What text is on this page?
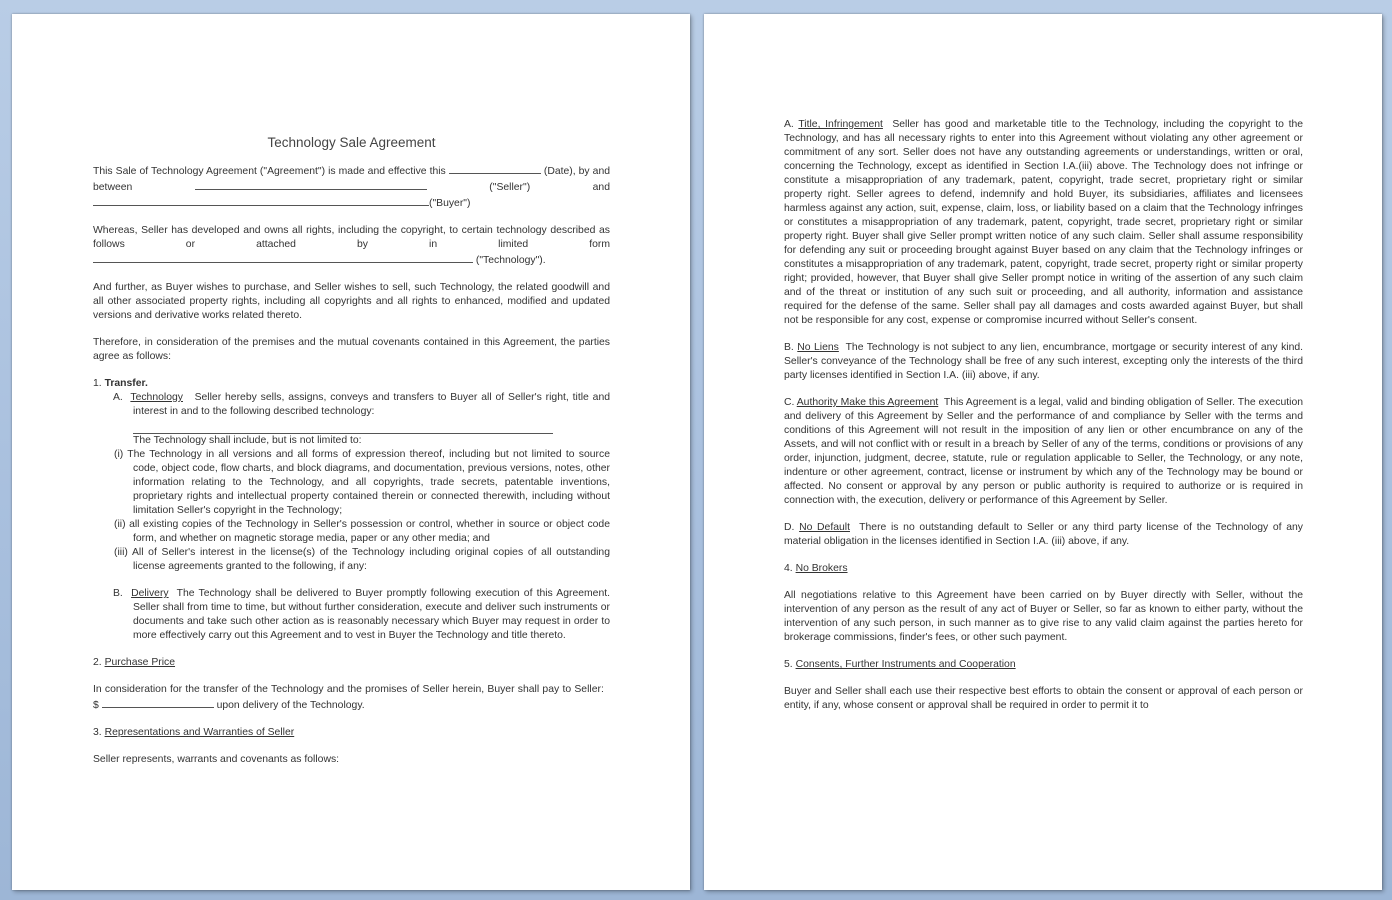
Technology Sale Agreement

This Sale of Technology Agreement ("Agreement") is made and effective this	(Date), by and between	("Seller") and ("Buyer")

Whereas, Seller has developed and owns all rights, including the copyright, to certain technology described as follows or attached by in limited form  ("Technology").

And further, as Buyer wishes to purchase, and Seller wishes to sell, such Technology, the related goodwill and all other associated property rights, including all copyrights and all rights to enhanced, modified and updated versions and derivative works related thereto.

Therefore, in consideration of the premises and the mutual covenants contained in this Agreement, the parties agree as follows:

1. Transfer.

A. Technology Seller hereby sells, assigns, conveys and transfers to Buyer all of Seller's right, title and interest in and to the following described technology:

The Technology shall include, but is not limited to:

(i) The Technology in all versions and all forms of expression thereof, including but not limited to source code, object code, flow charts, and block diagrams, and documentation, previous versions, notes, other information relating to the Technology, and all copyrights, trade secrets, patentable inventions, proprietary rights and intellectual property contained therein or connected therewith, including without limitation Seller's copyright in the Technology;

(ii) all existing copies of the Technology in Seller's possession or control, whether in source or object code form, and whether on magnetic storage media, paper or any other media; and

(iii) All of Seller's interest in the license(s) of the Technology including original copies of all outstanding license agreements granted to the following, if any:

B. Delivery The Technology shall be delivered to Buyer promptly following execution of this Agreement. Seller shall from time to time, but without further consideration, execute and deliver such instruments or documents and take such other action as is reasonably necessary which Buyer may request in order to more effectively carry out this Agreement and to vest in Buyer the Technology and title thereto.

2. Purchase Price

In consideration for the transfer of the Technology and the promises of Seller herein, Buyer shall pay to Seller:   $	upon delivery of the Technology.

3. Representations and Warranties of Seller

Seller represents, warrants and covenants as follows:

A. Title, Infringement Seller has good and marketable title to the Technology, including the copyright to the Technology, and has all necessary rights to enter into this Agreement without violating any other agreement or commitment of any sort. Seller does not have any outstanding agreements or understandings, written or oral, concerning the Technology, except as identified in Section I.A.(iii) above. The Technology does not infringe or constitute a misappropriation of any trademark, patent, copyright, trade secret, proprietary right or similar property right. Seller agrees to defend, indemnify and hold Buyer, its subsidiaries, affiliates and licensees harmless against any action, suit, expense, claim, loss, or liability based on a claim that the Technology infringes or constitutes a misappropriation of any trademark, patent, copyright, trade secret, proprietary right or similar property right. Buyer shall give Seller prompt written notice of any such claim. Seller shall assume responsibility for defending any suit or proceeding brought against Buyer based on any claim that the Technology infringes or constitutes a misappropriation of any trademark, patent, copyright, trade secret, property right or similar property right; provided, however, that Buyer shall give Seller prompt notice in writing of the assertion of any such claim and of the threat or institution of any such suit or proceeding, and all authority, information and assistance required for the defense of the same. Seller shall pay all damages and costs awarded against Buyer, but shall not be responsible for any cost, expense or compromise incurred without Seller's consent.

B. No Liens The Technology is not subject to any lien, encumbrance, mortgage or security interest of any kind. Seller's conveyance of the Technology shall be free of any such interest, excepting only the interests of the third party licenses identified in Section I.A. (iii) above, if any.

C. Authority Make this Agreement This Agreement is a legal, valid and binding obligation of Seller. The execution and delivery of this Agreement by Seller and the performance of and compliance by Seller with the terms and conditions of this Agreement will not result in the imposition of any lien or other encumbrance on any of the Assets, and will not conflict with or result in a breach by Seller of any of the terms, conditions or provisions of any order, injunction, judgment, decree, statute, rule or regulation applicable to Seller, the Technology, or any note, indenture or other agreement, contract, license or instrument by which any of the Technology may be bound or affected. No consent or approval by any person or public authority is required to authorize or is required in connection with, the execution, delivery or performance of this Agreement by Seller.

D. No Default There is no outstanding default to Seller or any third party license of the Technology of any material obligation in the licenses identified in Section I.A. (iii) above, if any.

4. No Brokers

All negotiations relative to this Agreement have been carried on by Buyer directly with Seller, without the intervention of any person as the result of any act of Buyer or Seller, so far as known to either party, without the intervention of any such person, in such manner as to give rise to any valid claim against the parties hereto for brokerage commissions, finder's fees, or other such payment.

5. Consents, Further Instruments and Cooperation

Buyer and Seller shall each use their respective best efforts to obtain the consent or approval of each person or entity, if any, whose consent or approval shall be required in order to permit it to
